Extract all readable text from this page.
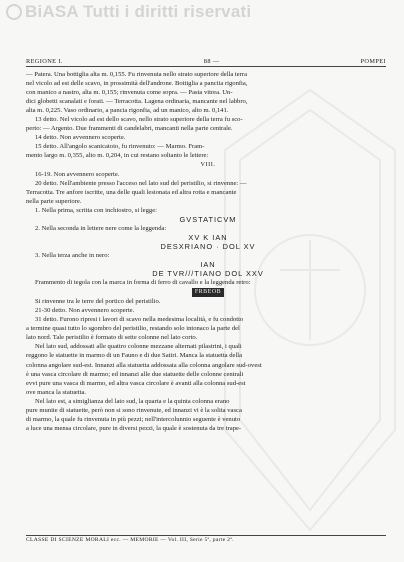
BiASA Tutti i diritti riservati
REGIONE I.	88 —	POMPEI

— Patera. Una bottiglia alta m. 0,155. Fu rinvenuta nello strato superiore della terra

nel vicolo ad est delle scavo, in prossimità dell'androne. Bottiglia a panciia rigonfia,

con manico a nastro, alta m. 0,155; rinvenuta come sopra. — Pasta vitrea. Un-

dici globetti scanalati e forati. — Terracotta. Lagena ordinaria, mancante nel labbro,

alta m. 0,225. Vaso ordinario, a pancia rigonfia, ad un manico, alto m. 0,141.

13 detto. Nel vicolo ad est dello scavo, nello strato superiore della terra fu sco-

perto: — Argento. Due frammenti di candelabri, mancanti nella parte centrale.

14 detto. Non avvennero scoperte.

15 detto. All'angolo scanicatoio, fu rinvenuto: — Marmo. Fram-

mento largo m. 0,355, alto m. 0,204, in cui restano soltanto le lettere:

VIII.

16-19. Non avvennero scoperte.

20 detto. Nell'ambiente presso l'acceso nel lato sud del peristilio, si rinvenne: —

Terracotta. Tre anfore iscritte, una delle quali lesionata ed altra rotta e mancante

nella parte superiore.

1. Nella prima, scritta con inchiostro, si legge:

GVSTATICVM

2. Nella seconda in lettere nere come la leggenda:

XV K IAN

DESXRIANO · DOL XV

3. Nella terza anche in nero:

IAN

DE TVR///TIANO DOL XXV

Frammento di tegola con la marca in forma di ferro di cavallo e la leggenda retro:

FRBEOB

Si rinvenne tra le terre del portico del peristilio.

21-30 detto. Non avvennero scoperte.

31 detto. Furono ripresi i lavori di scavo nella medesima località, e fu condotto

a termine quasi tutto lo sgombro del peristilio, restando solo intonaco la parte del

lato nord. Tale peristilio è formato di sette colonne nel lato corto.

Nel lato sud, addossati alle quattro colonne mezzane alternati pilastrini, i quali

reggono le statuette in marmo di un Fauno e di due Satiri. Manca la statuetta della

colonna angolare sud-est. Innanzi alla statuetta addossata alla colonna angolare sud-ovest

è una vasca circolare di marmo; ed innanzi alle due statuette delle colonne centrali

evvi pure una vasca di marmo, ed altra vasca circolare è avanti alla colonna sud-est

ove manca la statuetta.

Nel lato est, a simiglianza del lato sud, la quarta e la quinta colonna erano

pure munite di statuette, però non si sono rinvenute, ed innanzi vi è la solita vasca

di marmo, la quale fu rinvenuta in più pezzi; nell'intercolunnio seguente è venuto

a luce una mensa circolare, pure in diversi pezzi, la quale è sostenuta da tre trape-

CLASSE DI SCIENZE MORALI ecc. — MEMORIE — Vol. III, Serie 5ª, parte 2ª.
